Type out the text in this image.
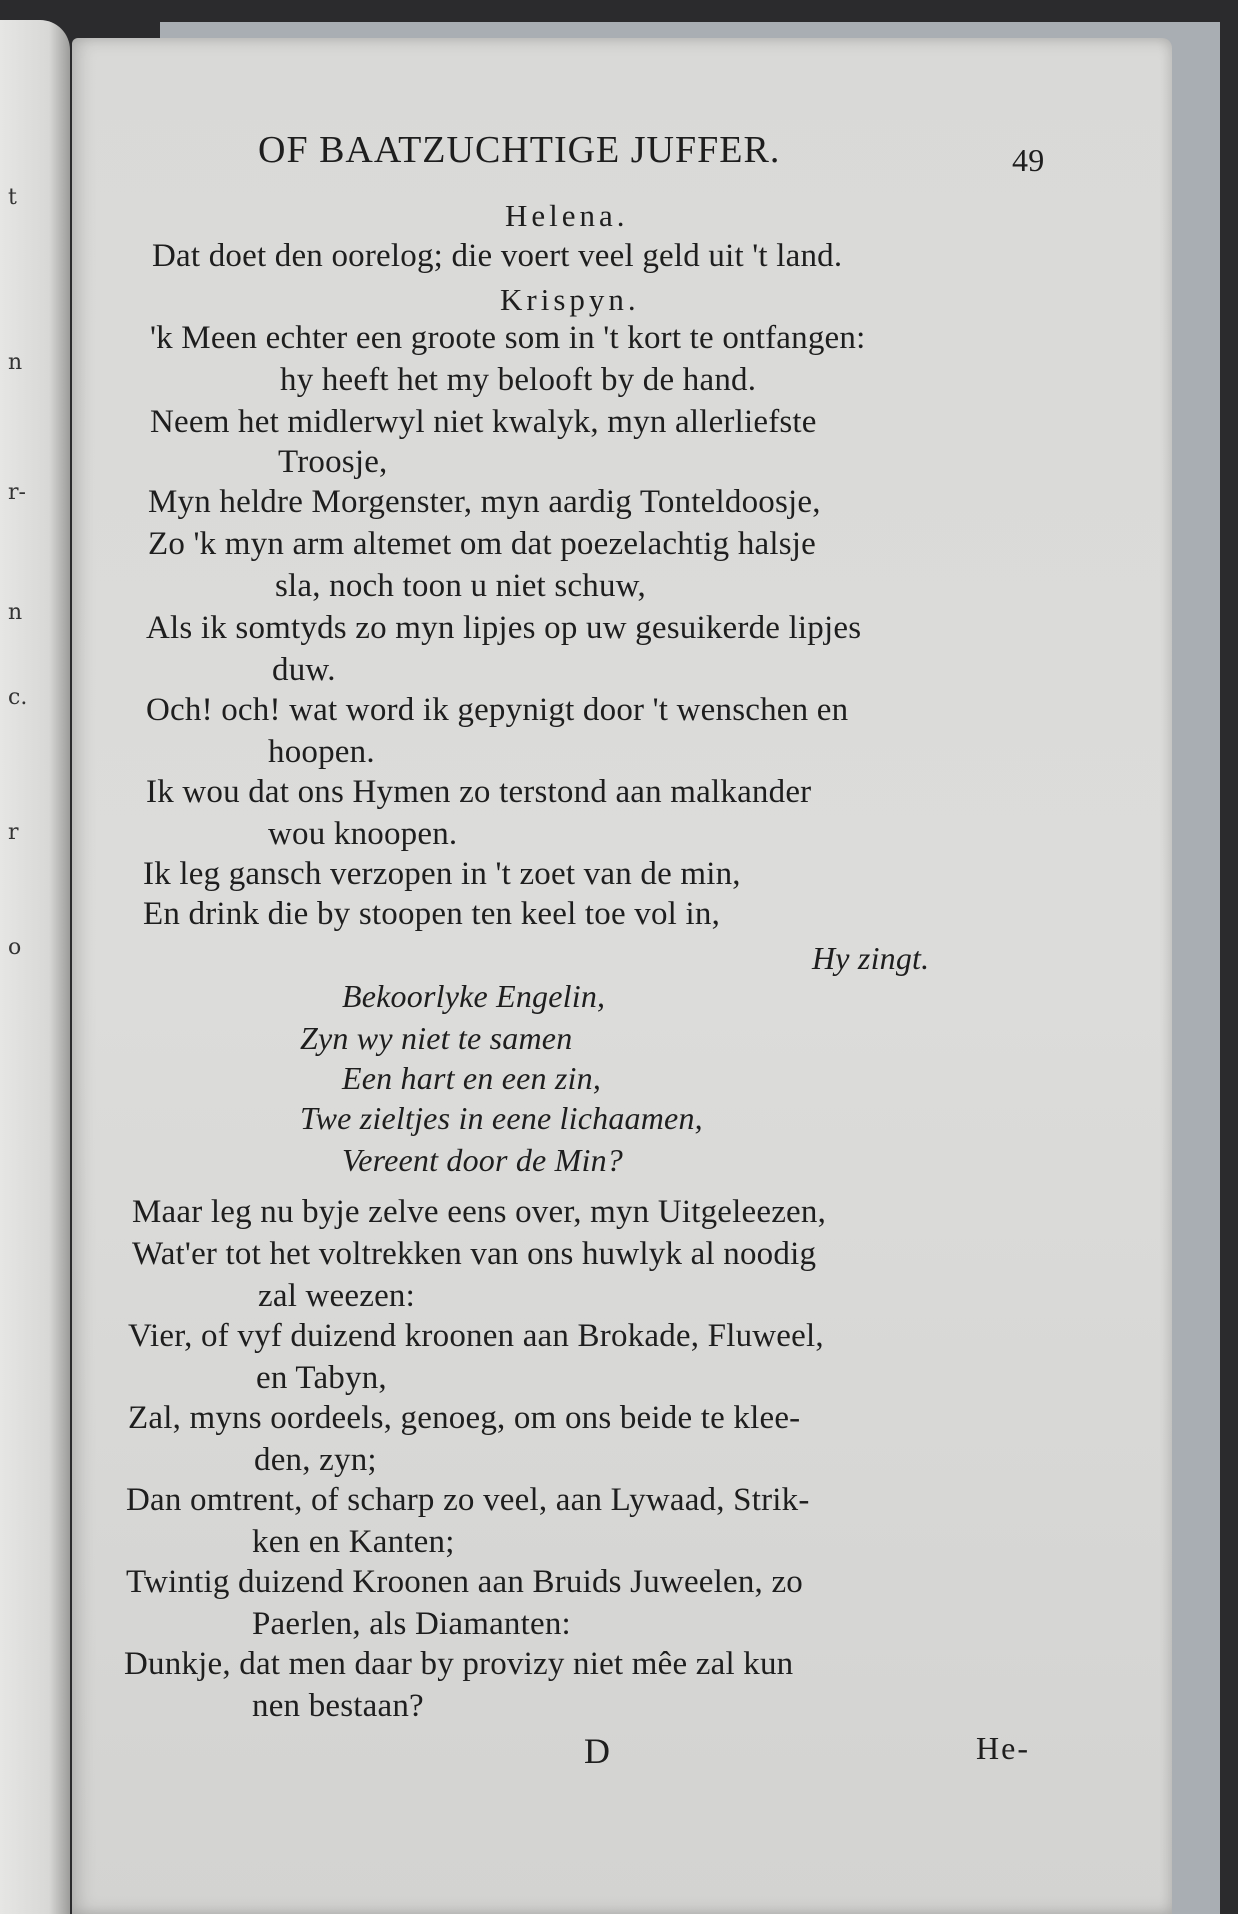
t
n
r-
n
c.
r
o
OF BAATZUCHTIGE JUFFER.	49
Helena.
Dat doet den oorelog; die voert veel geld uit 't land.
Krispyn.
'k Meen echter een groote som in 't kort te ontfangen:
hy heeft het my belooft by de hand.
Neem het midlerwyl niet kwalyk, myn allerliefste
Troosje,
Myn heldre Morgenster, myn aardig Tonteldoosje,
Zo 'k myn arm altemet om dat poezelachtig halsje
sla, noch toon u niet schuw,
Als ik somtyds zo myn lipjes op uw gesuikerde lipjes
duw.
Och! och! wat word ik gepynigt door 't wenschen en
hoopen.
Ik wou dat ons Hymen zo terstond aan malkander
wou knoopen.
Ik leg gansch verzopen in 't zoet van de min,
En drink die by stoopen ten keel toe vol in,
Hy zingt.
Bekoorlyke Engelin,
Zyn wy niet te samen
Een hart en een zin,
Twe zieltjes in eene lichaamen,
Vereent door de Min?
Maar leg nu byje zelve eens over, myn Uitgeleezen,
Wat'er tot het voltrekken van ons huwlyk al noodig
zal weezen:
Vier, of vyf duizend kroonen aan Brokade, Fluweel,
en Tabyn,
Zal, myns oordeels, genoeg, om ons beide te klee-
den, zyn;
Dan omtrent, of scharp zo veel, aan Lywaad, Strik-
ken en Kanten;
Twintig duizend Kroonen aan Bruids Juweelen, zo
Paerlen, als Diamanten:
Dunkje, dat men daar by provizy niet mêe zal kun
nen bestaan?
D	He-
